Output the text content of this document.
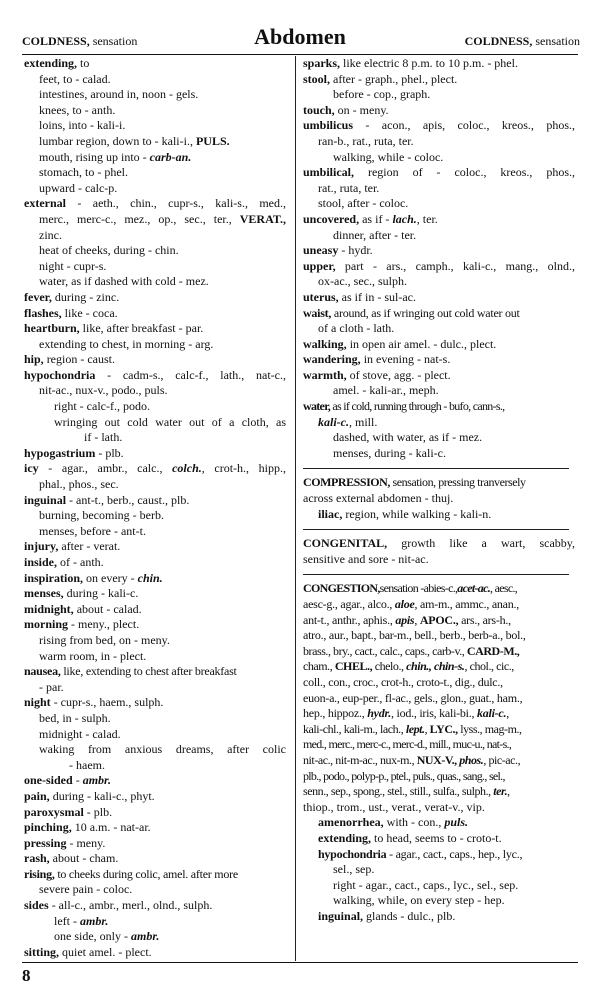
COLDNESS, sensation	Abdomen	COLDNESS, sensation
extending, to
feet, to - calad.
intestines, around in, noon - gels.
knees, to - anth.
loins, into - kali-i.
lumbar region, down to - kali-i., PULS.
mouth, rising up into - carb-an.
stomach, to - phel.
upward - calc-p.
external - aeth., chin., cupr-s., kali-s., med.,
merc., merc-c., mez., op., sec., ter., VERAT.,
zinc.
heat of cheeks, during - chin.
night - cupr-s.
water, as if dashed with cold - mez.
fever, during - zinc.
flashes, like - coca.
heartburn, like, after breakfast - par.
extending to chest, in morning - arg.
hip, region - caust.
hypochondria - cadm-s., calc-f., lath., nat-c.,
nit-ac., nux-v., podo., puls.
right - calc-f., podo.
wringing out cold water out of a cloth, as
if - lath.
hypogastrium - plb.
icy - agar., ambr., calc., colch., crot-h., hipp.,
phal., phos., sec.
inguinal - ant-t., berb., caust., plb.
burning, becoming - berb.
menses, before - ant-t.
injury, after - verat.
inside, of - anth.
inspiration, on every - chin.
menses, during - kali-c.
midnight, about - calad.
morning - meny., plect.
rising from bed, on - meny.
warm room, in - plect.
nausea, like, extending to chest after breakfast
- par.
night - cupr-s., haem., sulph.
bed, in - sulph.
midnight - calad.
waking from anxious dreams, after colic
- haem.
one-sided - ambr.
pain, during - kali-c., phyt.
paroxysmal - plb.
pinching, 10 a.m. - nat-ar.
pressing - meny.
rash, about - cham.
rising, to cheeks during colic, amel. after more
severe pain - coloc.
sides - all-c., ambr., merl., olnd., sulph.
left - ambr.
one side, only - ambr.
sitting, quiet amel. - plect.
sparks, like electric 8 p.m. to 10 p.m. - phel.
stool, after - graph., phel., plect.
before - cop., graph.
touch, on - meny.
umbilicus - acon., apis, coloc., kreos., phos.,
ran-b., rat., ruta, ter.
walking, while - coloc.
umbilical, region of - coloc., kreos., phos.,
rat., ruta, ter.
stool, after - coloc.
uncovered, as if - lach., ter.
dinner, after - ter.
uneasy - hydr.
upper, part - ars., camph., kali-c., mang., olnd.,
ox-ac., sec., sulph.
uterus, as if in - sul-ac.
waist, around, as if wringing out cold water out
of a cloth - lath.
walking, in open air amel. - dulc., plect.
wandering, in evening - nat-s.
warmth, of stove, agg. - plect.
amel. - kali-ar., meph.
water, as if cold, running through - bufo, cann-s.,
kali-c., mill.
dashed, with water, as if - mez.
menses, during - kali-c.
COMPRESSION, sensation, pressing tranversely
across external abdomen - thuj.
iliac, region, while walking - kali-n.
CONGENITAL, growth like a wart, scabby,
sensitive and sore - nit-ac.
CONGESTION,sensation -abies-c.,acet-ac., aesc.,
aesc-g., agar., alco., aloe, am-m., ammc., anan.,
ant-t., anthr., aphis., apis, APOC., ars., ars-h.,
atro., aur., bapt., bar-m., bell., berb., berb-a., bol.,
brass., bry., cact., calc., caps., carb-v., CARD-M.,
cham., CHEL., chelo., chin., chin-s., chol., cic.,
coll., con., croc., crot-h., croto-t., dig., dulc.,
euon-a., eup-per., fl-ac., gels., glon., guat., ham.,
hep., hippoz., hydr., iod., iris, kali-bi., kali-c.,
kali-chl., kali-m., lach., lept., LYC., lyss., mag-m.,
med., merc., merc-c., merc-d., mill., muc-u., nat-s.,
nit-ac., nit-m-ac., nux-m., NUX-V., phos., pic-ac.,
plb., podo., polyp-p., ptel., puls., quas., sang., sel.,
senn., sep., spong., stel., still., sulfa., sulph., ter.,
thiop., trom., ust., verat., verat-v., vip.
amenorrhea, with - con., puls.
extending, to head, seems to - croto-t.
hypochondria - agar., cact., caps., hep., lyc.,
sel., sep.
right - agar., cact., caps., lyc., sel., sep.
walking, while, on every step - hep.
inguinal, glands - dulc., plb.
8
